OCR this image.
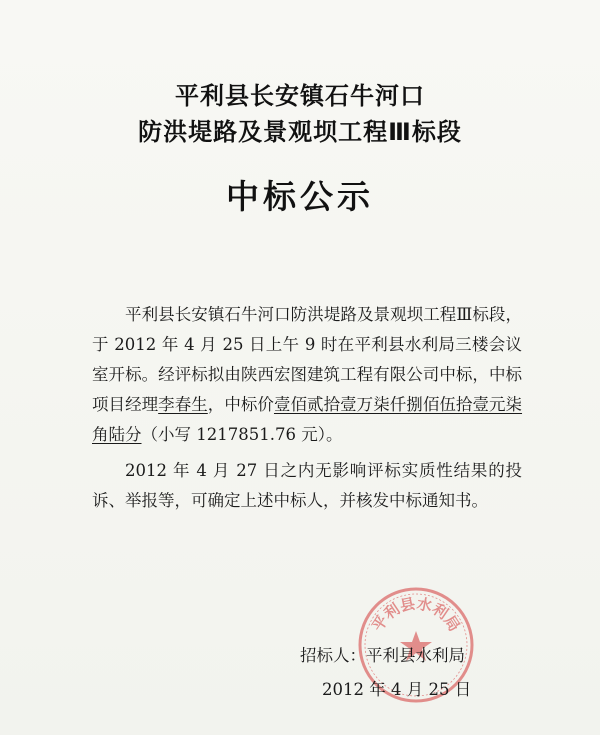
平利县长安镇石牛河口
防洪堤路及景观坝工程Ⅲ标段
中标公示

平利县长安镇石牛河口防洪堤路及景观坝工程Ⅲ标段，于 2012 年 4 月 25 日上午 9 时在平利县水利局三楼会议室开标。经评标拟由陕西宏图建筑工程有限公司中标，中标项目经理李春生，中标价壹佰贰拾壹万柒仟捌佰伍拾壹元柒角陆分（小写 1217851.76 元）。

2012 年 4 月 27 日之内无影响评标实质性结果的投诉、举报等，可确定上述中标人，并核发中标通知书。

平利县水利局
招标人：平利县水利局
2012 年 4 月 25 日
